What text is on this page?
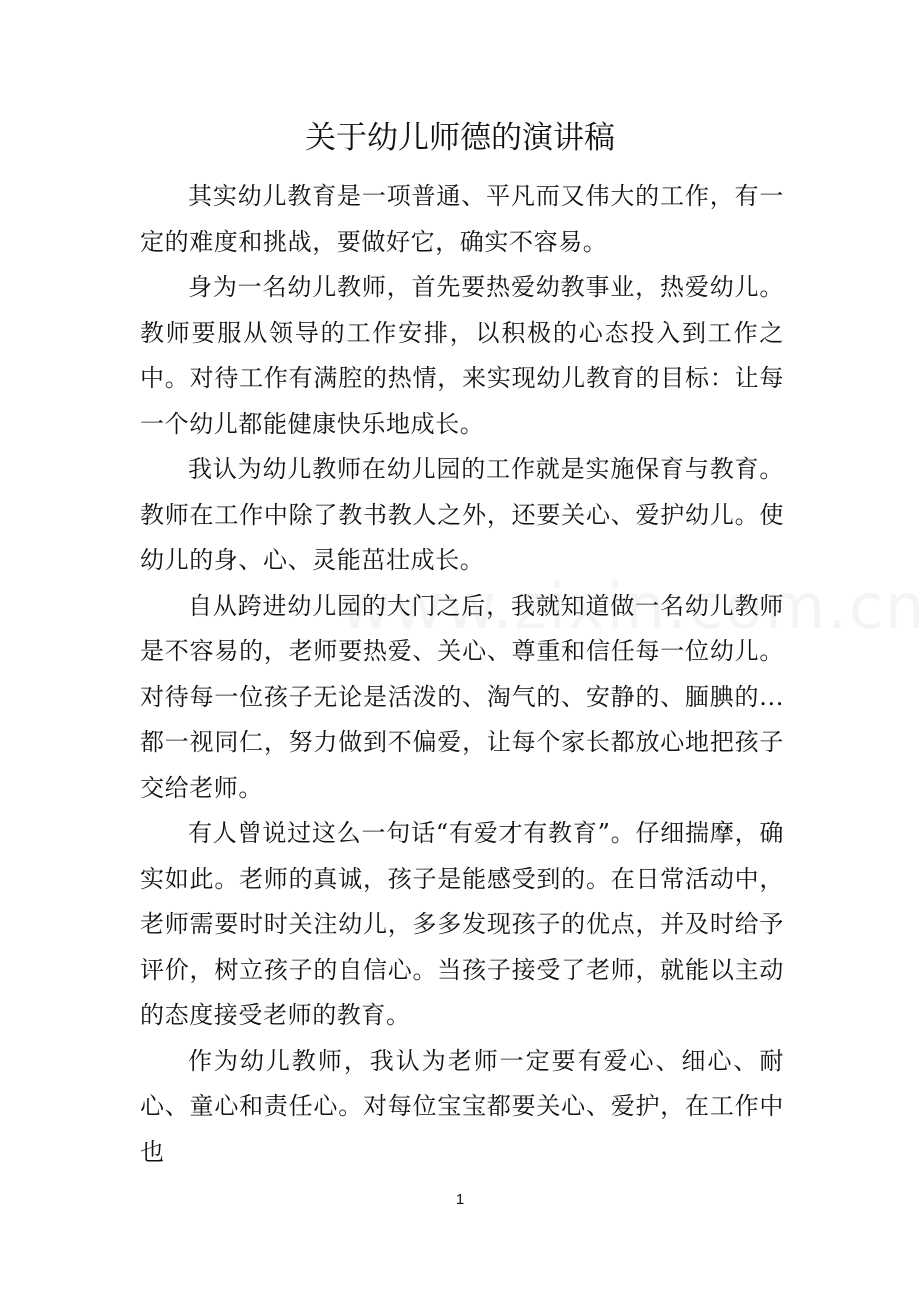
关于幼儿师德的演讲稿

其实幼儿教育是一项普通、平凡而又伟大的工作，有一定的难度和挑战，要做好它，确实不容易。

身为一名幼儿教师，首先要热爱幼教事业，热爱幼儿。教师要服从领导的工作安排，以积极的心态投入到工作之中。对待工作有满腔的热情，来实现幼儿教育的目标：让每一个幼儿都能健康快乐地成长。

我认为幼儿教师在幼儿园的工作就是实施保育与教育。教师在工作中除了教书教人之外，还要关心、爱护幼儿。使幼儿的身、心、灵能茁壮成长。

自从跨进幼儿园的大门之后，我就知道做一名幼儿教师是不容易的，老师要热爱、关心、尊重和信任每一位幼儿。对待每一位孩子无论是活泼的、淘气的、安静的、腼腆的...都一视同仁，努力做到不偏爱，让每个家长都放心地把孩子交给老师。

有人曾说过这么一句话“有爱才有教育”。仔细揣摩，确实如此。老师的真诚，孩子是能感受到的。在日常活动中，老师需要时时关注幼儿，多多发现孩子的优点，并及时给予评价，树立孩子的自信心。当孩子接受了老师，就能以主动的态度接受老师的教育。

作为幼儿教师，我认为老师一定要有爱心、细心、耐心、童心和责任心。对每位宝宝都要关心、爱护，在工作中也

1
